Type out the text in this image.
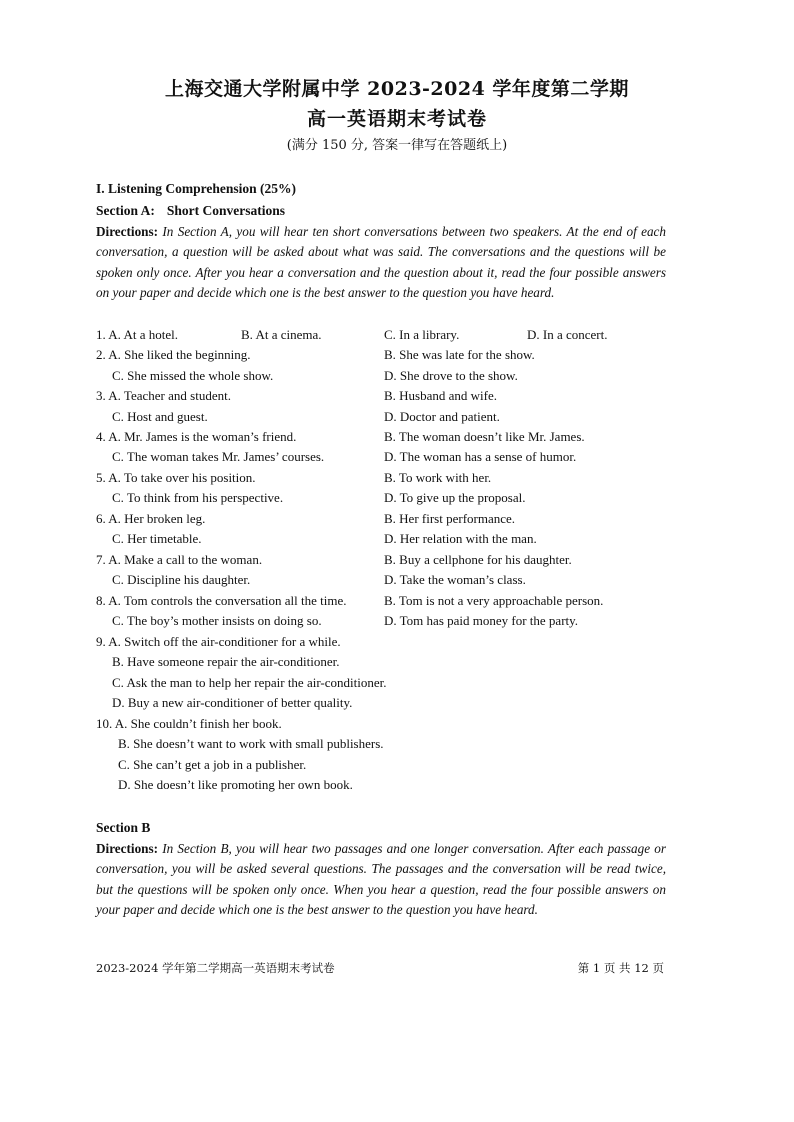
上海交通大学附属中学 2023-2024 学年度第二学期
高一英语期末考试卷
(满分 150 分, 答案一律写在答题纸上)
I. Listening Comprehension (25%)
Section A: Short Conversations
Directions: In Section A, you will hear ten short conversations between two speakers. At the end of each conversation, a question will be asked about what was said. The conversations and the questions will be spoken only once. After you hear a conversation and the question about it, read the four possible answers on your paper and decide which one is the best answer to the question you have heard.
1. A. At a hotel.	B. At a cinema.	C. In a library.	D. In a concert.
2. A. She liked the beginning.	B. She was late for the show.
C. She missed the whole show.	D. She drove to the show.
3. A. Teacher and student.	B. Husband and wife.
C. Host and guest.	D. Doctor and patient.
4. A. Mr. James is the woman’s friend.	B. The woman doesn’t like Mr. James.
C. The woman takes Mr. James’ courses.	D. The woman has a sense of humor.
5. A. To take over his position.	B. To work with her.
C. To think from his perspective.	D. To give up the proposal.
6. A. Her broken leg.	B. Her first performance.
C. Her timetable.	D. Her relation with the man.
7. A. Make a call to the woman.	B. Buy a cellphone for his daughter.
C. Discipline his daughter.	D. Take the woman’s class.
8. A. Tom controls the conversation all the time.	B. Tom is not a very approachable person.
C. The boy’s mother insists on doing so.	D. Tom has paid money for the party.
9. A. Switch off the air-conditioner for a while.
B. Have someone repair the air-conditioner.
C. Ask the man to help her repair the air-conditioner.
D. Buy a new air-conditioner of better quality.
10. A. She couldn’t finish her book.
B. She doesn’t want to work with small publishers.
C. She can’t get a job in a publisher.
D. She doesn’t like promoting her own book.
Section B
Directions: In Section B, you will hear two passages and one longer conversation. After each passage or conversation, you will be asked several questions. The passages and the conversation will be read twice, but the questions will be spoken only once. When you hear a question, read the four possible answers on your paper and decide which one is the best answer to the question you have heard.
2023-2024 学年第二学期高一英语期末考试卷	第 1 页 共 12 页
